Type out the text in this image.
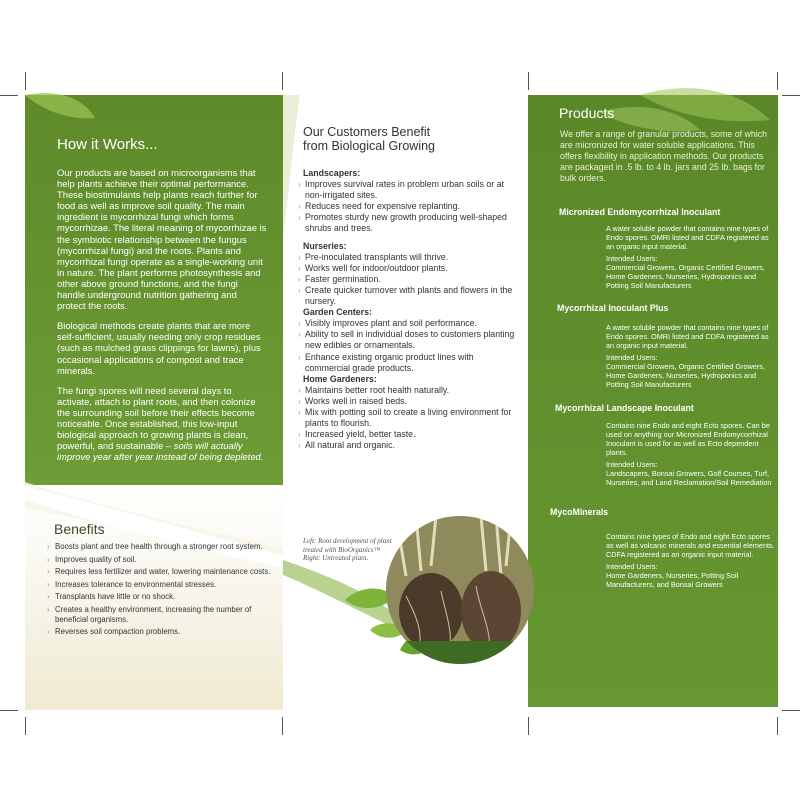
How it Works...

Our products are based on microorganisms that help plants achieve their optimal performance. These biostimulants help plants reach further for food as well as improve soil quality. The main ingredient is mycorrhizal fungi which forms mycorrhizae. The literal meaning of mycorrhizae is the symbiotic relationship between the fungus (mycorrhizal fungi) and the roots. Plants and mycorrhizal fungi operate as a single-working unit in nature. The plant performs photosynthesis and other above ground functions, and the fungi handle underground nutrition gathering and protect the roots.

Biological methods create plants that are more self-sufficient, usually needing only crop residues (such as mulched grass clippings for lawns), plus occasional applications of compost and trace minerals.

The fungi spores will need several days to activate, attach to plant roots, and then colonize the surrounding soil before their effects become noticeable. Once established, this low-input biological approach to growing plants is clean, powerful, and sustainable – soils will actually improve year after year instead of being depleted.

Benefits
› Boosts plant and tree health through a stronger root system.
› Improves quality of soil.
› Requires less fertilizer and water, lowering maintenance costs.
› Increases tolerance to environmental stresses.
› Transplants have little or no shock.
› Creates a healthy environment, increasing the number of beneficial organisms.
› Reverses soil compaction problems.
Our Customers Benefit
from Biological Growing

Landscapers:

› Improves survival rates in problem urban soils or at non-irrigated sites.
› Reduces need for expensive replanting.
› Promotes sturdy new growth producing well-shaped shrubs and trees.

Nurseries:

› Pre-inoculated transplants will thrive.
› Works well for indoor/outdoor plants.
› Faster germination.
› Create quicker turnover with plants and flowers in the nursery.

Garden Centers:

› Visibly improves plant and soil performance.
› Ability to sell in individual doses to customers planting new edibles or ornamentals.
› Enhance existing organic product lines with commercial grade products.

Home Gardeners:

› Maintains better root health naturally.
› Works well in raised beds.
› Mix with potting soil to create a living environment for plants to flourish.
› Increased yield, better taste.
› All natural and organic.

Left: Root development of plant treated with BioOrganics™

Right: Untreated plant.

Products
We offer a range of granular products, some of which are micronized for water soluble applications. This offers flexibility in application methods. Our products are packaged in .5 lb. to 4 lb. jars and 25 lb. bags for bulk orders.

Micronized Endomycorrhizal Inoculant

A water soluble powder that contains nine types of Endo spores. OMRI listed and CDFA registered as an organic input material.

Intended Users:
Commercial Growers, Organic Certified Growers, Home Gardeners, Nurseries, Hydroponics and Potting Soil Manufacturers

Mycorrhizal Inoculant Plus

A water soluble powder that contains nine types of Endo spores. OMRI listed and CDFA registered as an organic input material.

Intended Users:
Commercial Growers, Organic Certified Growers, Home Gardeners, Nurseries, Hydroponics and Potting Soil Manufacturers

Mycorrhizal Landscape Inoculant

Contains nine Endo and eight Ecto spores. Can be used on anything our Micronized Endomycorrhizal Inoculant is used for as well as Ecto dependent plants.

Intended Users:
Landscapers, Bonsai Growers, Golf Courses, Turf, Nurseries, and Land Reclamation/Soil Remediation

MycoMinerals

Contains nine types of Endo and eight Ecto spores as well as volcanic minerals and essential elements. CDFA registered as an organic input material.

Intended Users:
Home Gardeners, Nurseries, Potting Soil Manufacturers, and Bonsai Growers
